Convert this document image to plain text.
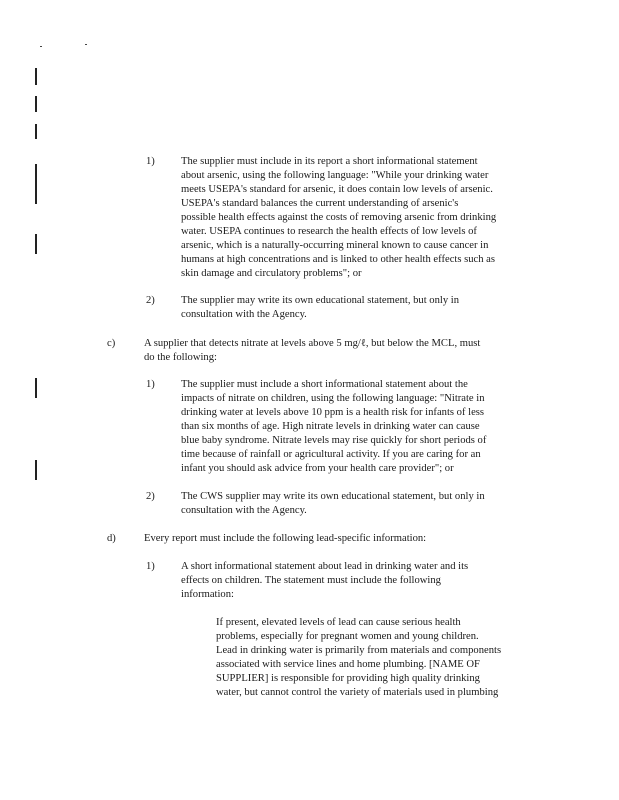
1) The supplier must include in its report a short informational statement
about arsenic, using the following language: "While your drinking water
meets USEPA's standard for arsenic, it does contain low levels of arsenic.
USEPA's standard balances the current understanding of arsenic's
possible health effects against the costs of removing arsenic from drinking
water. USEPA continues to research the health effects of low levels of
arsenic, which is a naturally-occurring mineral known to cause cancer in
humans at high concentrations and is linked to other health effects such as
skin damage and circulatory problems"; or

2) The supplier may write its own educational statement, but only in
consultation with the Agency.

c)	A supplier that detects nitrate at levels above 5 mg/ℓ, but below the MCL, must
do the following:

1) The supplier must include a short informational statement about the
impacts of nitrate on children, using the following language: "Nitrate in
drinking water at levels above 10 ppm is a health risk for infants of less
than six months of age. High nitrate levels in drinking water can cause
blue baby syndrome. Nitrate levels may rise quickly for short periods of
time because of rainfall or agricultural activity. If you are caring for an
infant you should ask advice from your health care provider"; or

2) The CWS supplier may write its own educational statement, but only in
consultation with the Agency.

d)	Every report must include the following lead-specific information:

1) A short informational statement about lead in drinking water and its
effects on children. The statement must include the following
information:

If present, elevated levels of lead can cause serious health
problems, especially for pregnant women and young children.
Lead in drinking water is primarily from materials and components
associated with service lines and home plumbing. [NAME OF
SUPPLIER] is responsible for providing high quality drinking
water, but cannot control the variety of materials used in plumbing
